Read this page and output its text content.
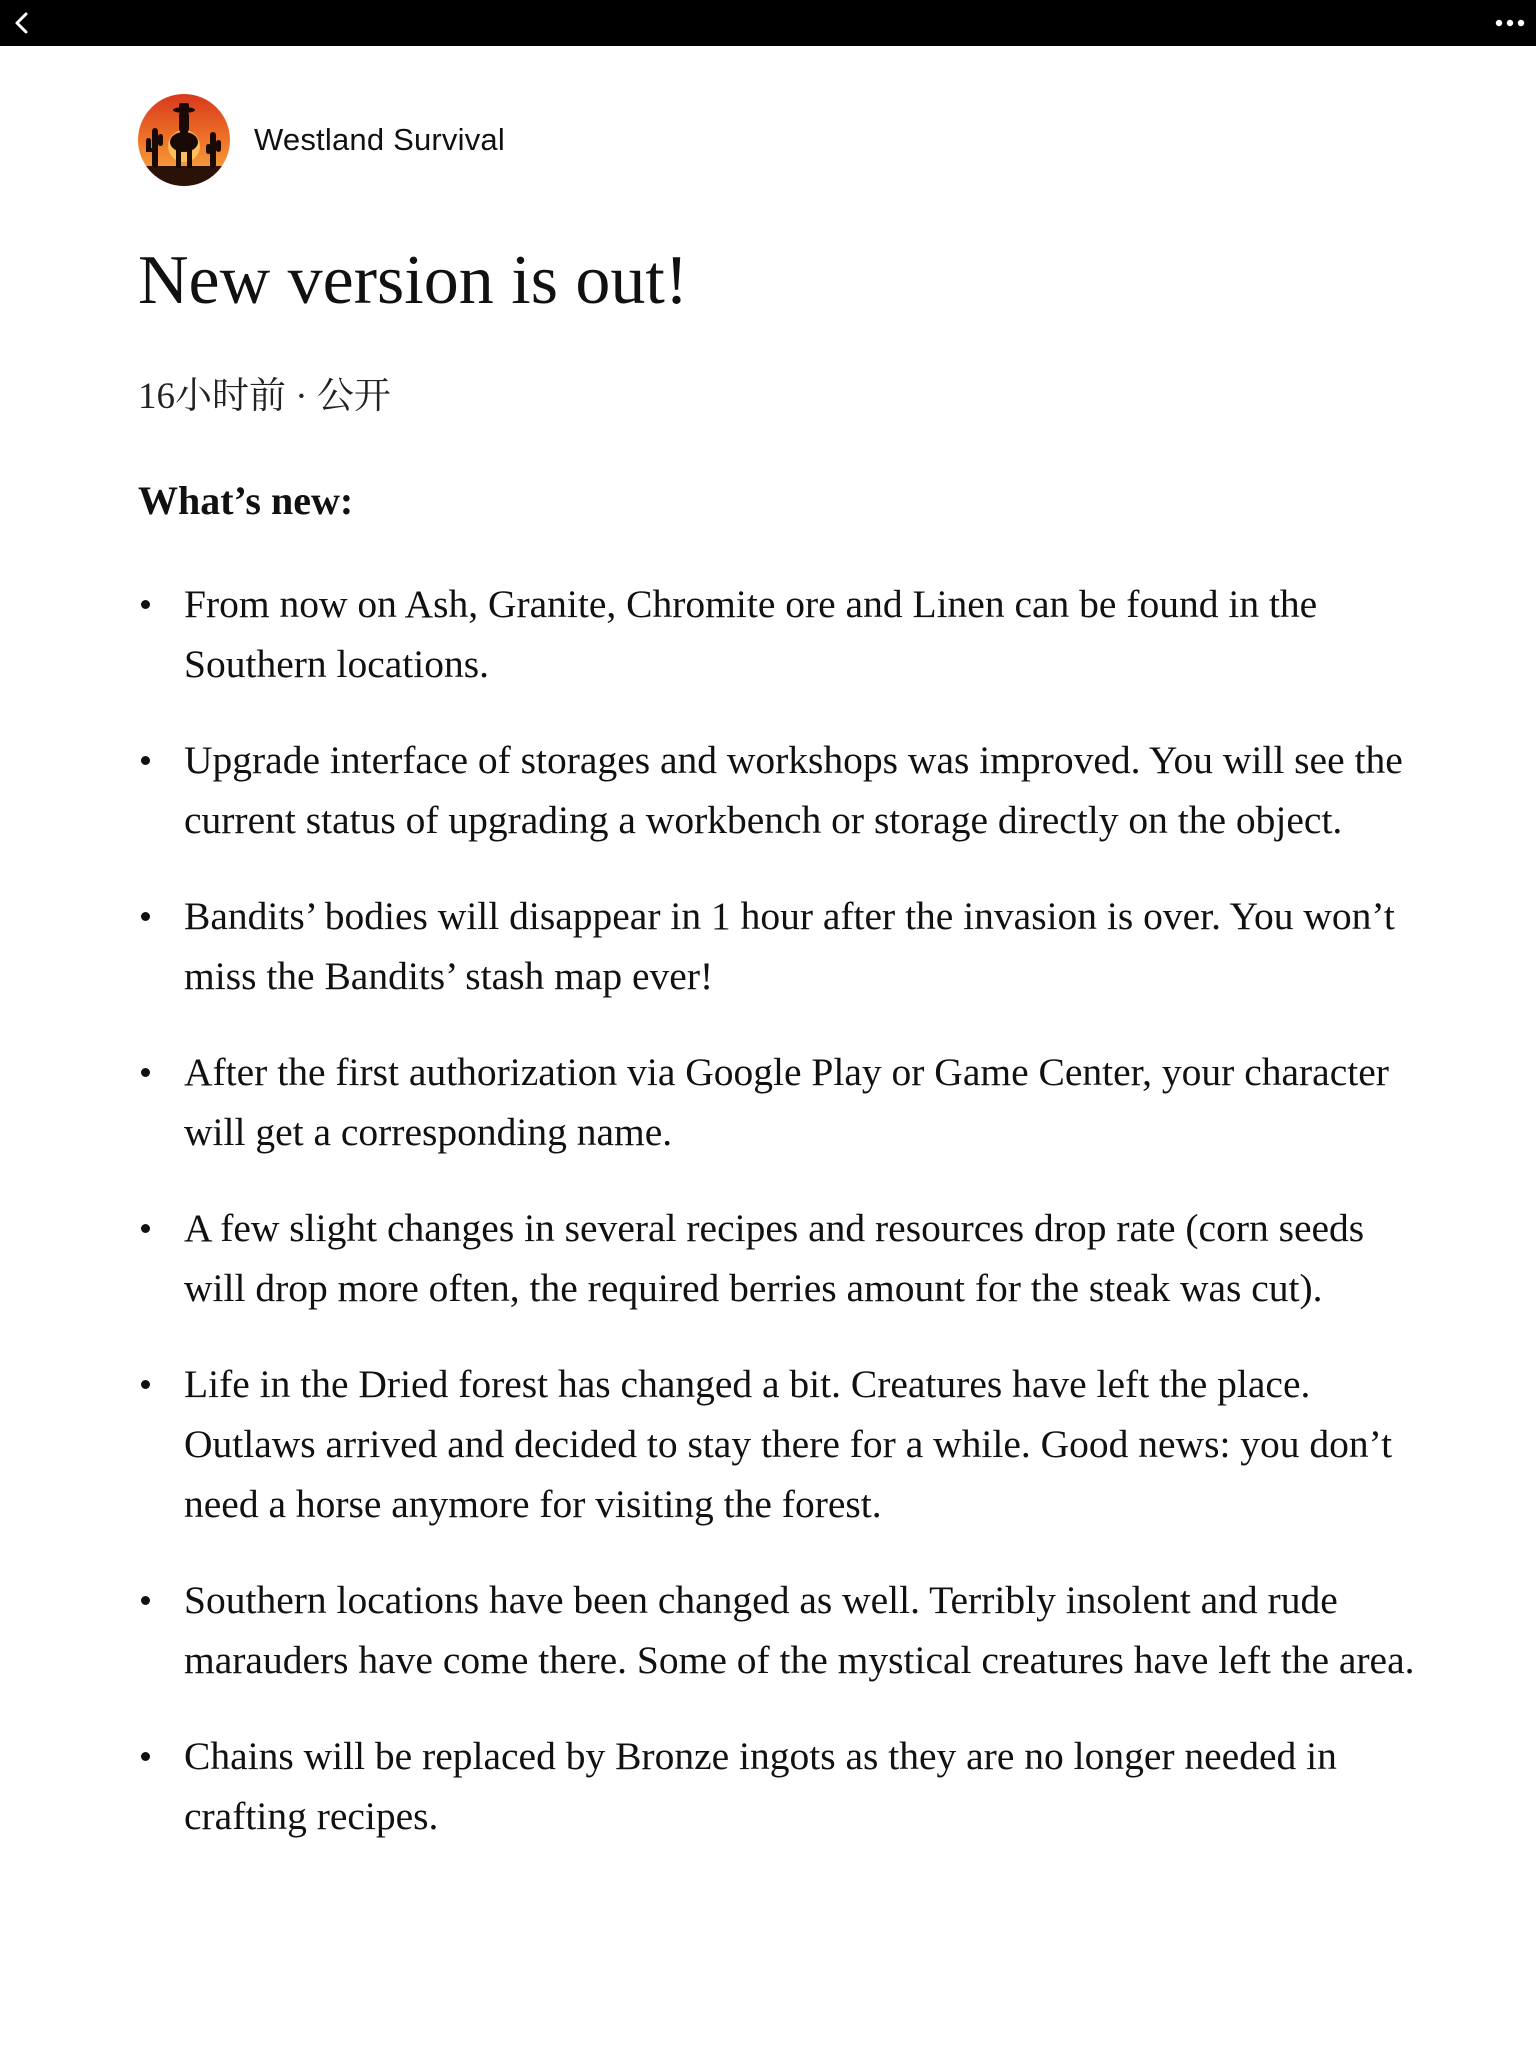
Westland Survival
New version is out!
16小时前 · 公开
What’s new:
From now on Ash, Granite, Chromite ore and Linen can be found in the Southern locations.
Upgrade interface of storages and workshops was improved. You will see the current status of upgrading a workbench or storage directly on the object.
Bandits’ bodies will disappear in 1 hour after the invasion is over. You won’t miss the Bandits’ stash map ever!
After the first authorization via Google Play or Game Center, your character will get a corresponding name.
A few slight changes in several recipes and resources drop rate (corn seeds will drop more often, the required berries amount for the steak was cut).
Life in the Dried forest has changed a bit. Creatures have left the place. Outlaws arrived and decided to stay there for a while. Good news: you don’t need a horse anymore for visiting the forest.
Southern locations have been changed as well. Terribly insolent and rude marauders have come there. Some of the mystical creatures have left the area.
Chains will be replaced by Bronze ingots as they are no longer needed in crafting recipes.
